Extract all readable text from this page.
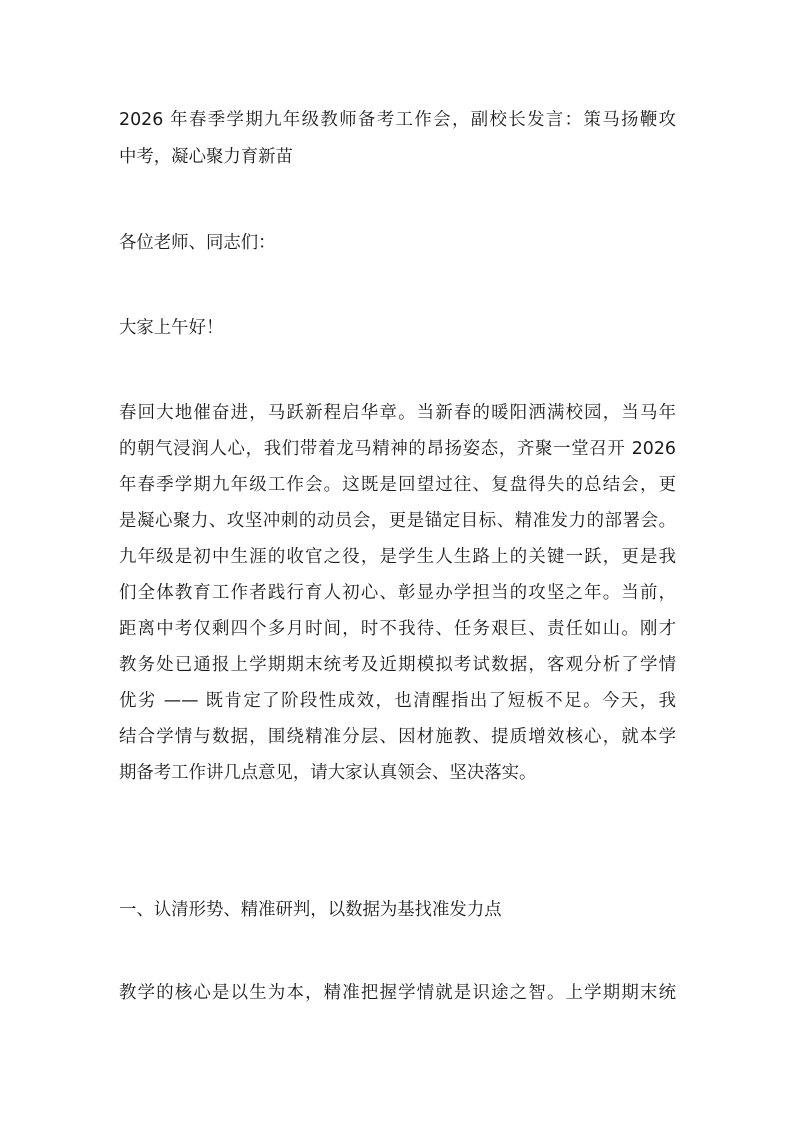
2026 年春季学期九年级教师备考工作会，副校长发言：策马扬鞭攻
中考，凝心聚力育新苗
各位老师、同志们：
大家上午好！
春回大地催奋进，马跃新程启华章。当新春的暖阳洒满校园，当马年
的朝气浸润人心，我们带着龙马精神的昂扬姿态，齐聚一堂召开 2026
年春季学期九年级工作会。这既是回望过往、复盘得失的总结会，更
是凝心聚力、攻坚冲刺的动员会，更是锚定目标、精准发力的部署会。
九年级是初中生涯的收官之役，是学生人生路上的关键一跃，更是我
们全体教育工作者践行育人初心、彰显办学担当的攻坚之年。当前，
距离中考仅剩四个多月时间，时不我待、任务艰巨、责任如山。刚才
教务处已通报上学期期末统考及近期模拟考试数据，客观分析了学情
优劣 —— 既肯定了阶段性成效，也清醒指出了短板不足。今天，我
结合学情与数据，围绕精准分层、因材施教、提质增效核心，就本学
期备考工作讲几点意见，请大家认真领会、坚决落实。
一、认清形势、精准研判，以数据为基找准发力点
教学的核心是以生为本，精准把握学情就是识途之智。上学期期末统
